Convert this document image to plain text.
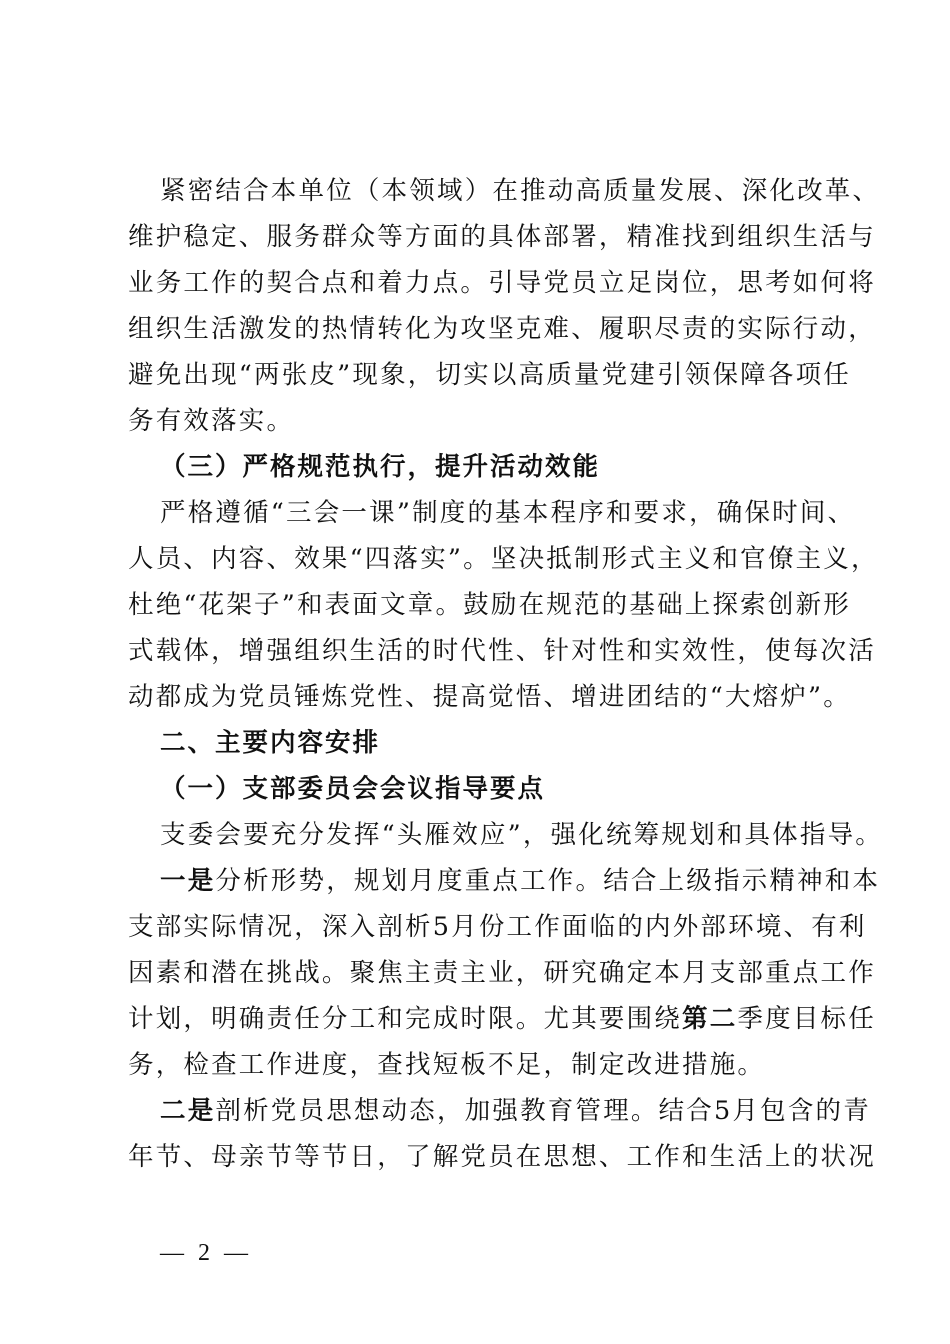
紧密结合本单位（本领域）在推动高质量发展、深化改革、
维护稳定、服务群众等方面的具体部署，精准找到组织生活与
业务工作的契合点和着力点。引导党员立足岗位，思考如何将
组织生活激发的热情转化为攻坚克难、履职尽责的实际行动，
避免出现“两张皮”现象，切实以高质量党建引领保障各项任
务有效落实。
（三）严格规范执行，提升活动效能
严格遵循“三会一课”制度的基本程序和要求，确保时间、
人员、内容、效果“四落实”。坚决抵制形式主义和官僚主义，
杜绝“花架子”和表面文章。鼓励在规范的基础上探索创新形
式载体，增强组织生活的时代性、针对性和实效性，使每次活
动都成为党员锤炼党性、提高觉悟、增进团结的“大熔炉”。
二、主要内容安排
（一）支部委员会会议指导要点
支委会要充分发挥“头雁效应”，强化统筹规划和具体指导。
一是分析形势，规划月度重点工作。结合上级指示精神和本
支部实际情况，深入剖析5月份工作面临的内外部环境、有利
因素和潜在挑战。聚焦主责主业，研究确定本月支部重点工作
计划，明确责任分工和完成时限。尤其要围绕第二季度目标任
务，检查工作进度，查找短板不足，制定改进措施。
二是剖析党员思想动态，加强教育管理。结合5月包含的青
年节、母亲节等节日，了解党员在思想、工作和生活上的状况
— 2 —
